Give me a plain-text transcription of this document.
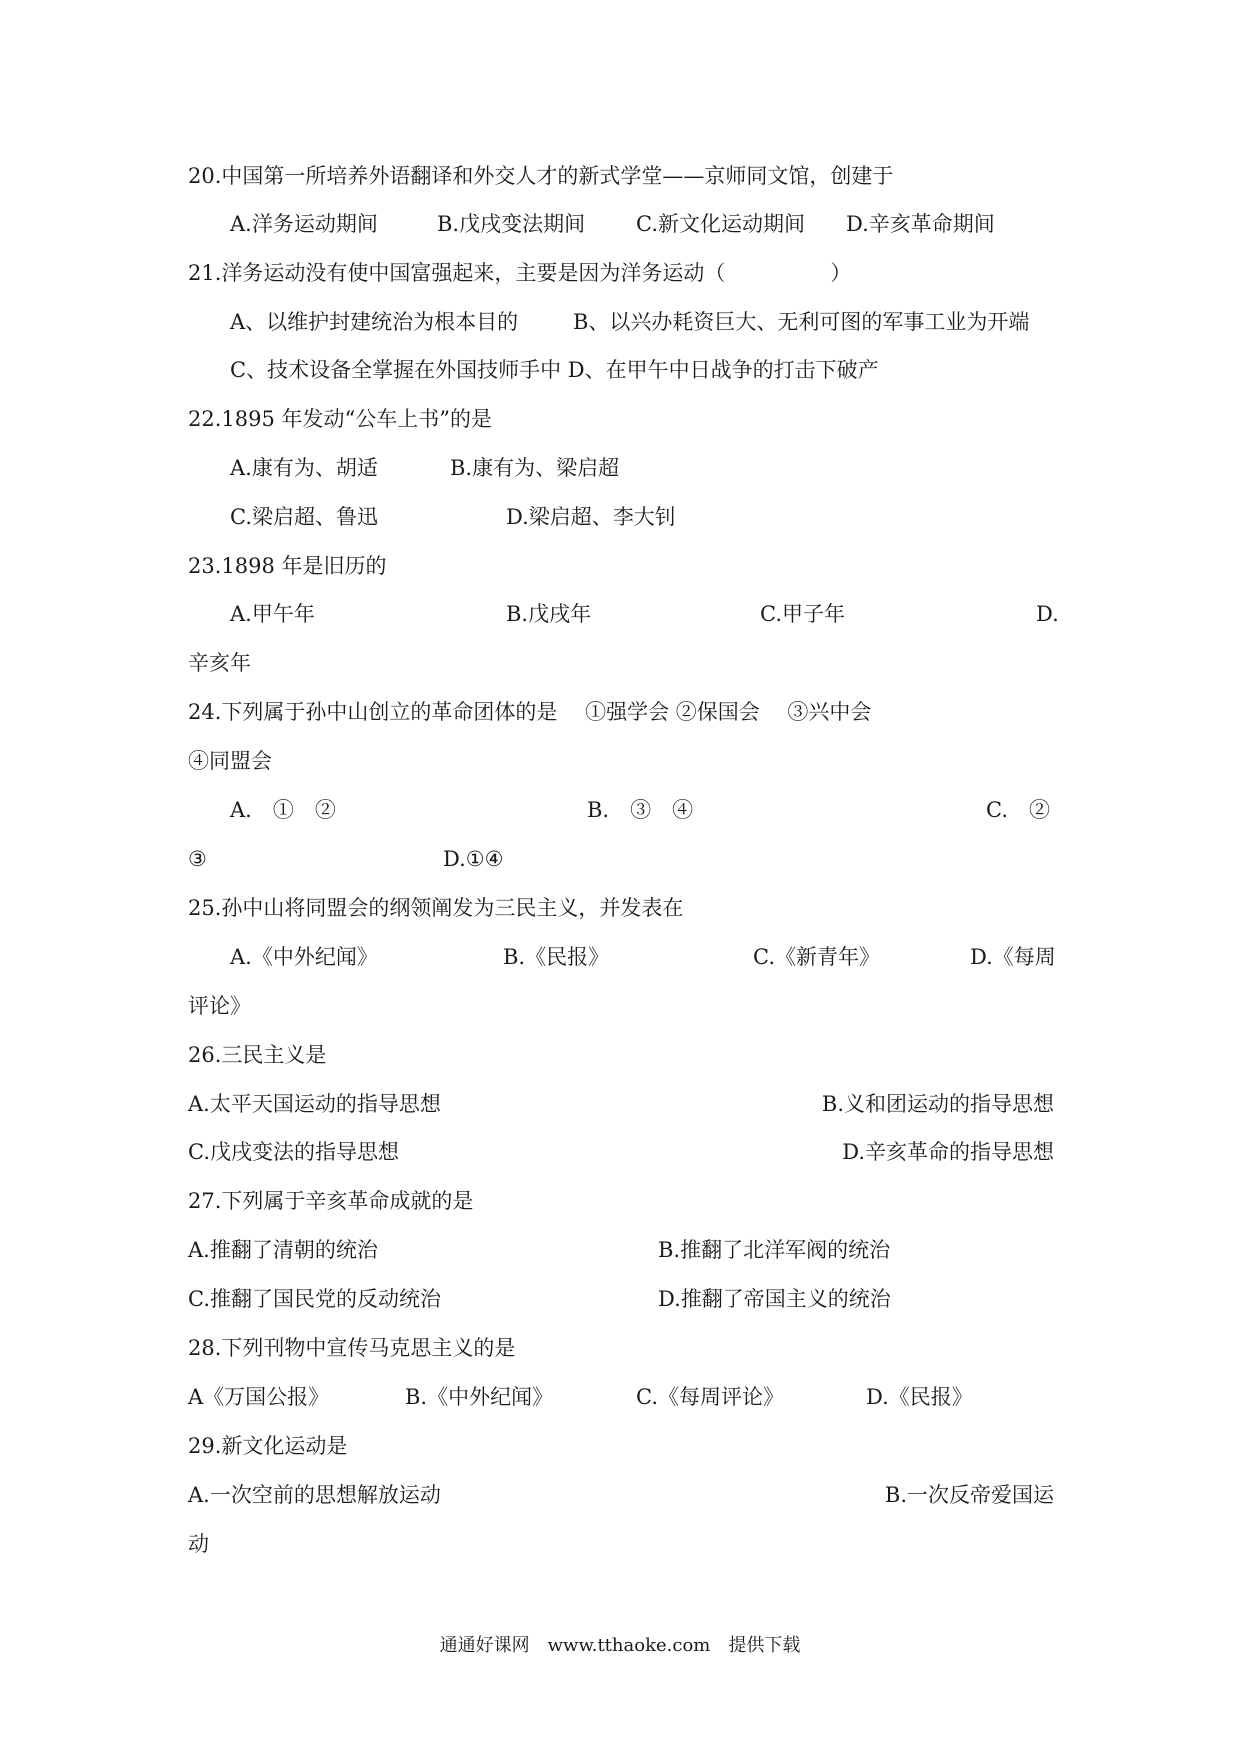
20.中国第一所培养外语翻译和外交人才的新式学堂——京师同文馆，创建于
A.洋务运动期间	B.戊戌变法期间 C.新文化运动期间 D.辛亥革命期间
21.洋务运动没有使中国富强起来，主要是因为洋务运动（　　　　　）
A、以维护封建统治为根本目的	B、以兴办耗资巨大、无利可图的军事工业为开端
C、技术设备全掌握在外国技师手中 D、在甲午中日战争的打击下破产
22.1895 年发动“公车上书”的是
A.康有为、胡适	B.康有为、梁启超
C.梁启超、鲁迅	D.梁启超、李大钊
23.1898 年是旧历的
A.甲午年	B.戊戌年	C.甲子年	D.
辛亥年
24.下列属于孙中山创立的革命团体的是　 ①强学会 ②保国会　 ③兴中会
④同盟会
A.　①　②	B.　③　④	C.　②
③	D.①④
25.孙中山将同盟会的纲领阐发为三民主义，并发表在
A.《中外纪闻》	B.《民报》	C.《新青年》	D.《每周
评论》
26.三民主义是
A.太平天国运动的指导思想	B.义和团运动的指导思想
C.戊戌变法的指导思想	D.辛亥革命的指导思想
27.下列属于辛亥革命成就的是
A.推翻了清朝的统治	B.推翻了北洋军阀的统治
C.推翻了国民党的反动统治	D.推翻了帝国主义的统治
28.下列刊物中宣传马克思主义的是
A《万国公报》	B.《中外纪闻》	C.《每周评论》	D.《民报》
29.新文化运动是
A.一次空前的思想解放运动	B.一次反帝爱国运
动
通通好课网　www.tthaoke.com　提供下载
